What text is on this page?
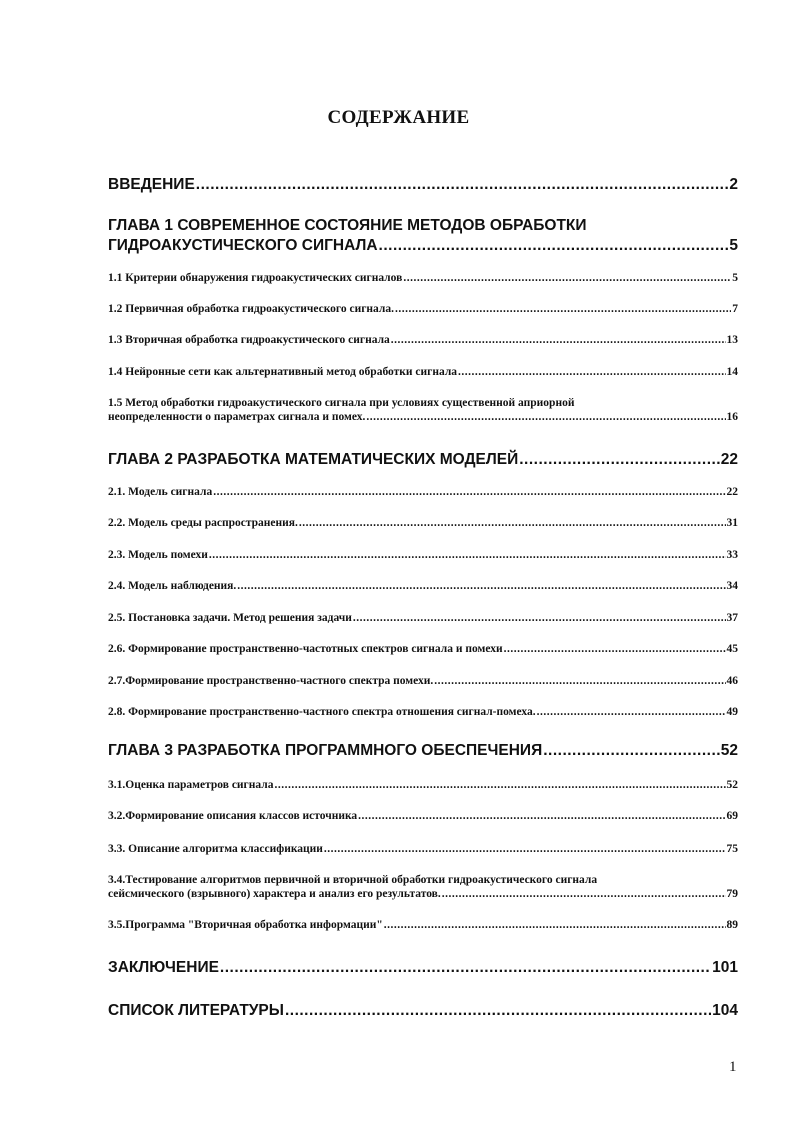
СОДЕРЖАНИЕ
ВВЕДЕНИЕ .....	2
ГЛАВА 1 СОВРЕМЕННОЕ СОСТОЯНИЕ МЕТОДОВ ОБРАБОТКИ
ГИДРОАКУСТИЧЕСКОГО СИГНАЛА .....	5
1.1 Критерии обнаружения гидроакустических сигналов .....	5
1.2 Первичная обработка гидроакустического сигнала. .....	7
1.3 Вторичная обработка гидроакустического сигнала .....	13
1.4 Нейронные сети как альтернативный метод обработки сигнала .....	14
1.5 Метод обработки гидроакустического сигнала при условиях существенной априорной
неопределенности о параметрах сигнала и помех. .....	16
ГЛАВА 2 РАЗРАБОТКА МАТЕМАТИЧЕСКИХ МОДЕЛЕЙ .....	22
2.1. Модель сигнала .....	22
2.2. Модель среды распространения. .....	31
2.3. Модель помехи .....	33
2.4. Модель наблюдения. .....	34
2.5. Постановка задачи. Метод решения задачи .....	37
2.6. Формирование пространственно-частотных спектров сигнала и помехи .....	45
2.7.Формирование пространственно-частного спектра помехи. .....	46
2.8. Формирование пространственно-частного спектра отношения сигнал-помеха. .....	49
ГЛАВА 3 РАЗРАБОТКА ПРОГРАММНОГО ОБЕСПЕЧЕНИЯ .....	52
3.1.Оценка параметров сигнала .....	52
3.2.Формирование описания классов источника .....	69
3.3. Описание алгоритма классификации .....	75
3.4.Тестирование алгоритмов первичной и вторичной обработки гидроакустического сигнала
сейсмического (взрывного) характера и анализ его результатов. .....	79
3.5.Программа "Вторичная обработка информации" .....	89
ЗАКЛЮЧЕНИЕ .....	101
СПИСОК ЛИТЕРАТУРЫ .....	104
1
